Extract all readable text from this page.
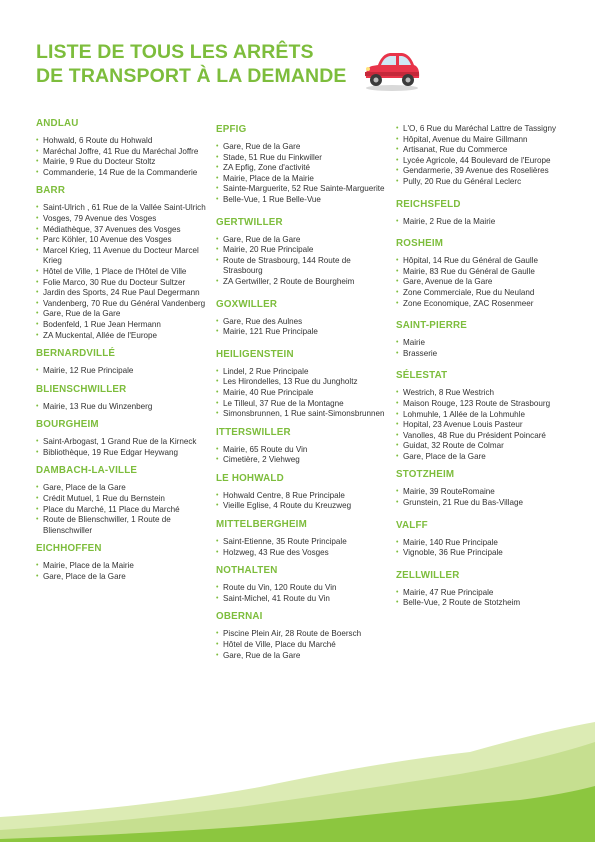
LISTE DE TOUS LES ARRÊTS
DE TRANSPORT À LA DEMANDE
ANDLAU
• Hohwald, 6 Route du Hohwald
• Maréchal Joffre, 41 Rue du Maréchal Joffre
• Mairie, 9 Rue du Docteur Stoltz
• Commanderie, 14 Rue de la Commanderie
BARR
• Saint-Ulrich , 61 Rue de la Vallée Saint-Ulrich
• Vosges, 79 Avenue des Vosges
• Médiathèque, 37 Avenues des Vosges
• Parc Köhler, 10 Avenue des Vosges
• Marcel Krieg, 11 Avenue du Docteur Marcel Krieg
• Hôtel de Ville, 1 Place de l'Hôtel de Ville
• Folie Marco, 30 Rue du Docteur Sultzer
• Jardin des Sports, 24 Rue Paul Degermann
• Vandenberg, 70 Rue du Général Vandenberg
• Gare, Rue de la Gare
• Bodenfeld, 1 Rue Jean Hermann
• ZA Muckental, Allée de l'Europe
BERNARDVILLÉ
• Mairie, 12 Rue Principale
BLIENSCHWILLER
• Mairie, 13 Rue du Winzenberg
BOURGHEIM
• Saint-Arbogast, 1 Grand Rue de la Kirneck
• Bibliothèque, 19 Rue Edgar Heywang
DAMBACH-LA-VILLE
• Gare, Place de la Gare
• Crédit Mutuel, 1 Rue du Bernstein
• Place du Marché, 11 Place du Marché
• Route de Blienschwiller, 1 Route de Blienschwiller
EICHHOFFEN
• Mairie, Place de la Mairie
• Gare, Place de la Gare
EPFIG
• Gare, Rue de la Gare
• Stade, 51 Rue du Finkwiller
• ZA Epfig, Zone d'activité
• Mairie, Place de la Mairie
• Sainte-Marguerite, 52 Rue Sainte-Marguerite
• Belle-Vue, 1 Rue Belle-Vue
GERTWILLER
• Gare, Rue de la Gare
• Mairie, 20 Rue Principale
• Route de Strasbourg, 144 Route de Strasbourg
• ZA Gertwiller, 2 Route de Bourgheim
GOXWILLER
• Gare, Rue des Aulnes
• Mairie, 121 Rue Principale
HEILIGENSTEIN
• Lindel, 2 Rue Principale
• Les Hirondelles, 13 Rue du Jungholtz
• Mairie, 40 Rue Principale
• Le Tilleul, 37 Rue de la Montagne
• Simonsbrunnen, 1 Rue saint-Simonsbrunnen
ITTERSWILLER
• Mairie, 65 Route du Vin
• Cimetière, 2 Viehweg
LE HOHWALD
• Hohwald Centre, 8 Rue Principale
• Vieille Eglise, 4 Route du Kreuzweg
MITTELBERGHEIM
• Saint-Etienne, 35 Route Principale
• Holzweg, 43 Rue des Vosges
NOTHALTEN
• Route du Vin, 120 Route du Vin
• Saint-Michel, 41 Route du Vin
OBERNAI
• Piscine Plein Air, 28 Route de Boersch
• Hôtel de Ville, Place du Marché
• Gare, Rue de la Gare
• L'O, 6 Rue du Maréchal Lattre de Tassigny
• Hôpital, Avenue du Maire Gillmann
• Artisanat, Rue du Commerce
• Lycée Agricole, 44 Boulevard de l'Europe
• Gendarmerie, 39 Avenue des Roselières
• Pully, 20 Rue du Général Leclerc
REICHSFELD
• Mairie, 2 Rue de la Mairie
ROSHEIM
• Hôpital, 14 Rue du Général de Gaulle
• Mairie, 83 Rue du Général de Gaulle
• Gare, Avenue de la Gare
• Zone Commerciale, Rue du Neuland
• Zone Economique, ZAC Rosenmeer
SAINT-PIERRE
• Mairie
• Brasserie
SÉLESTAT
• Westrich, 8 Rue Westrich
• Maison Rouge, 123 Route de Strasbourg
• Lohmuhle, 1 Allée de la Lohmuhle
• Hopital, 23 Avenue Louis Pasteur
• Vanolles, 48 Rue du Président Poincaré
• Guidat, 32 Route de Colmar
• Gare, Place de la Gare
STOTZHEIM
• Mairie, 39 RouteRomaine
• Grunstein, 21 Rue du Bas-Village
VALFF
• Mairie, 140 Rue Principale
• Vignoble, 36 Rue Principale
ZELLWILLER
• Mairie, 47 Rue Principale
• Belle-Vue, 2 Route de Stotzheim
